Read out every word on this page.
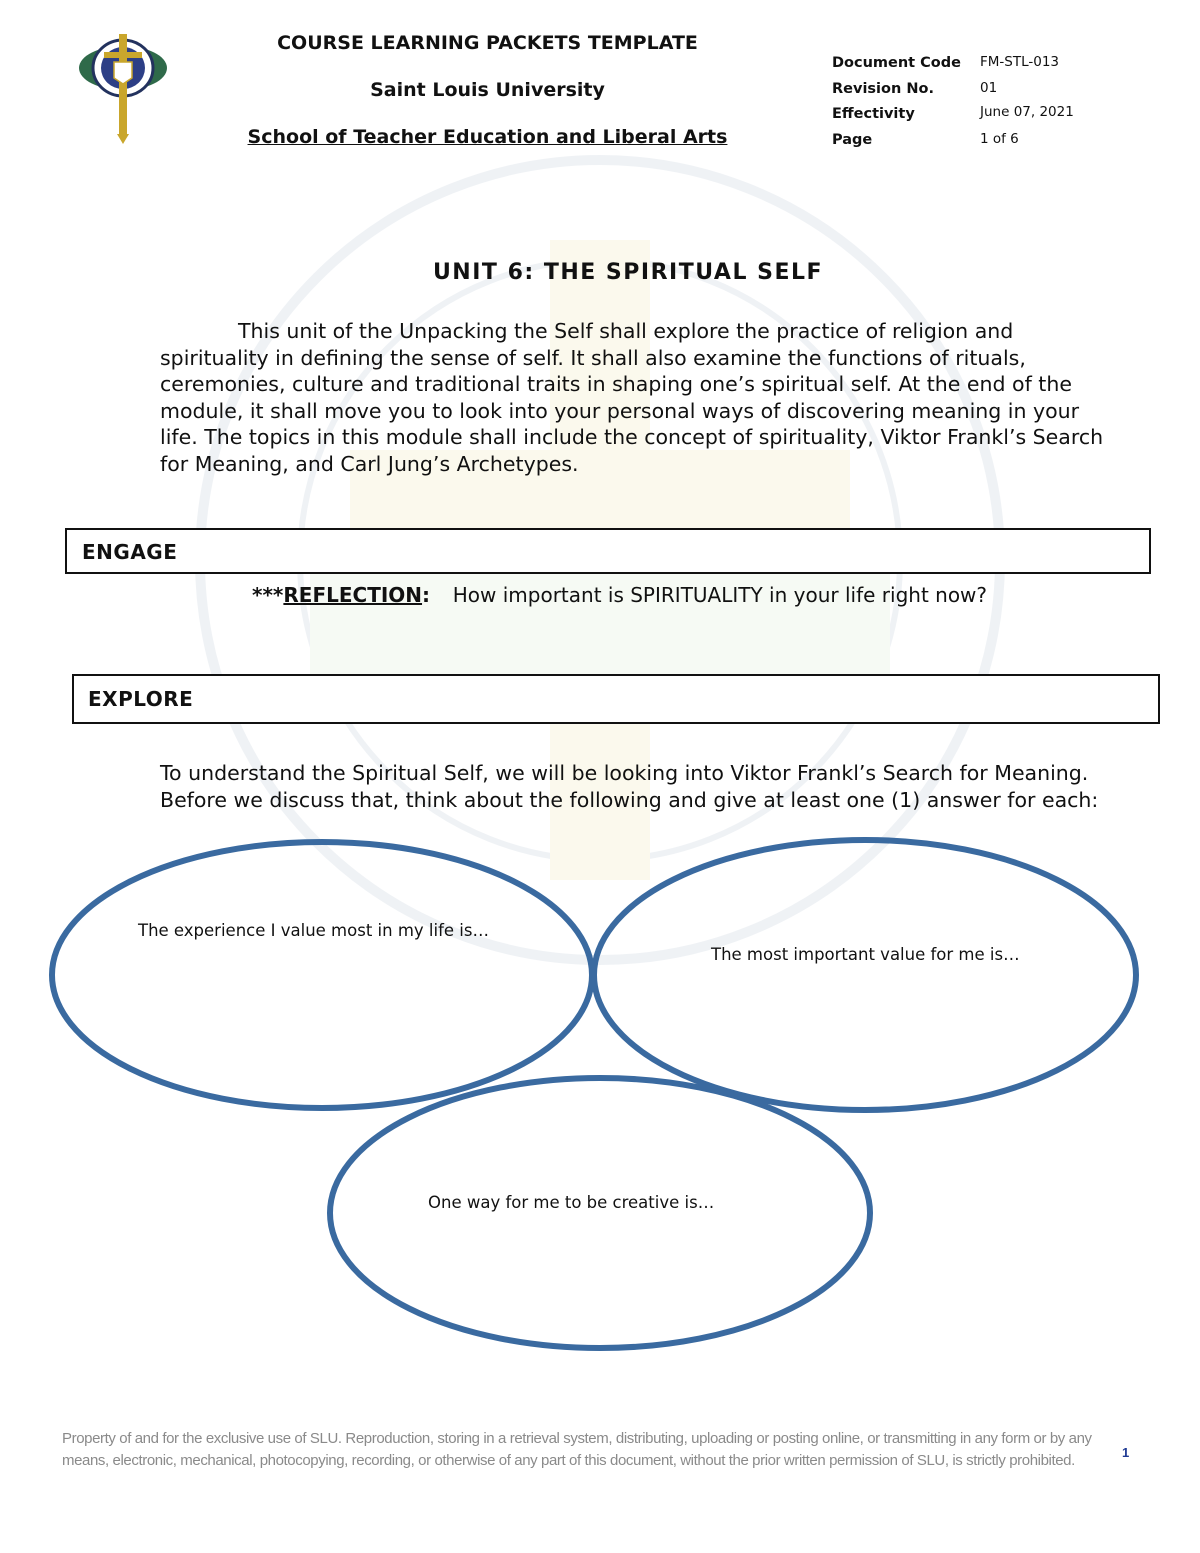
COURSE LEARNING PACKETS TEMPLATE
Saint Louis University
School of Teacher Education and Liberal Arts
Document Code FM-STL-013
Revision No.	01
Effectivity	June 07, 2021
Page	1 of 6
UNIT 6: THE SPIRITUAL SELF
This unit of the Unpacking the Self shall explore the practice of religion and spirituality in defining the sense of self. It shall also examine the functions of rituals, ceremonies, culture and traditional traits in shaping one’s spiritual self. At the end of the module, it shall move you to look into your personal ways of discovering meaning in your life. The topics in this module shall include the concept of spirituality, Viktor Frankl’s Search for Meaning, and Carl Jung’s Archetypes.
ENGAGE
***REFLECTION: How important is SPIRITUALITY in your life right now?
EXPLORE
To understand the Spiritual Self, we will be looking into Viktor Frankl’s Search for Meaning. Before we discuss that, think about the following and give at least one (1) answer for each:
The experience I value most in my life is…
The most important value for me is…
One way for me to be creative is…
Property of and for the exclusive use of SLU. Reproduction, storing in a retrieval system, distributing, uploading or posting online, or transmitting in any form or by any means, electronic, mechanical, photocopying, recording, or otherwise of any part of this document, without the prior written permission of SLU, is strictly prohibited.	1
